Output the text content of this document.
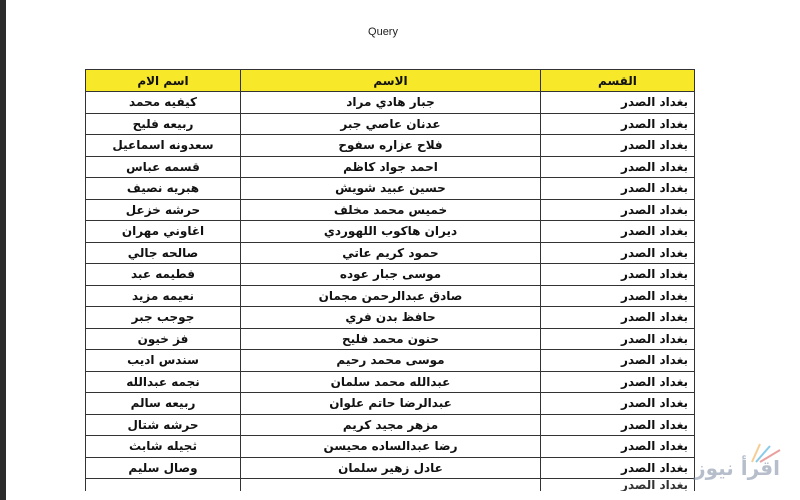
Query
القسم	الاسم	اسم الام
بغداد الصدر	جبار هادي مراد	كيفيه محمد
بغداد الصدر	عدنان عاصي جبر	ربيعه فليح
بغداد الصدر	فلاح عزاره سفوح	سعدونه اسماعيل
بغداد الصدر	احمد جواد كاظم	قسمه عباس
بغداد الصدر	حسين عبيد شويش	هبريه نصيف
بغداد الصدر	خميس محمد مخلف	حرشه خزعل
بغداد الصدر	ديران هاكوب اللهوردي	اغاوني مهران
بغداد الصدر	حمود كريم عاتي	صالحه جالي
بغداد الصدر	موسى جبار عوده	فطيمه عبد
بغداد الصدر	صادق عبدالرحمن مجمان	نعيمه مزيد
بغداد الصدر	حافظ بدن فري	جوجب جبر
بغداد الصدر	حنون محمد فليح	فز خيون
بغداد الصدر	موسى محمد رحيم	سندس اديب
بغداد الصدر	عبدالله محمد سلمان	نجمه عبدالله
بغداد الصدر	عبدالرضا حاتم علوان	ربيعه سالم
بغداد الصدر	مزهر مجيد كريم	حرشه شتال
بغداد الصدر	رضا عبدالساده محيسن	ثجيله شابث
بغداد الصدر	عادل زهير سلمان	وصال سليم
بغداد الصدر		
اقرأ نيوز
